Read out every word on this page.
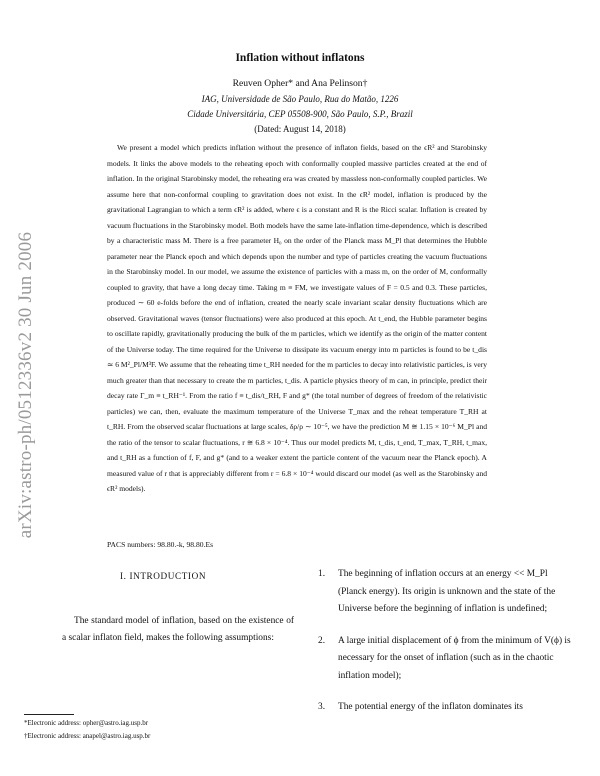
arXiv:astro-ph/0512336v2 30 Jun 2006
Inflation without inflatons
Reuven Opher* and Ana Pelinson†
IAG, Universidade de São Paulo, Rua do Matão, 1226
Cidade Universitária, CEP 05508-900, São Paulo, S.P., Brazil
(Dated: August 14, 2018)

We present a model which predicts inflation without the presence of inflaton fields, based on the ϵR² and Starobinsky models. It links the above models to the reheating epoch with conformally coupled massive particles created at the end of inflation. In the original Starobinsky model, the reheating era was created by massless non-conformally coupled particles. We assume here that non-conformal coupling to gravitation does not exist. In the ϵR² model, inflation is produced by the gravitational Lagrangian to which a term ϵR² is added, where ϵ is a constant and R is the Ricci scalar. Inflation is created by vacuum fluctuations in the Starobinsky model. Both models have the same late-inflation time-dependence, which is described by a characteristic mass M. There is a free parameter H₀ on the order of the Planck mass M_Pl that determines the Hubble parameter near the Planck epoch and which depends upon the number and type of particles creating the vacuum fluctuations in the Starobinsky model. In our model, we assume the existence of particles with a mass m, on the order of M, conformally coupled to gravity, that have a long decay time. Taking m ≡ FM, we investigate values of F = 0.5 and 0.3. These particles, produced ∼ 60 e-folds before the end of inflation, created the nearly scale invariant scalar density fluctuations which are observed. Gravitational waves (tensor fluctuations) were also produced at this epoch. At t_end, the Hubble parameter begins to oscillate rapidly, gravitationally producing the bulk of the m particles, which we identify as the origin of the matter content of the Universe today. The time required for the Universe to dissipate its vacuum energy into m particles is found to be t_dis ≃ 6 M²_Pl/M³F. We assume that the reheating time t_RH needed for the m particles to decay into relativistic particles, is very much greater than that necessary to create the m particles, t_dis. A particle physics theory of m can, in principle, predict their decay rate Γ_m ≡ t_RH⁻¹. From the ratio f ≡ t_dis/t_RH, F and g* (the total number of degrees of freedom of the relativistic particles) we can, then, evaluate the maximum temperature of the Universe T_max and the reheat temperature T_RH at t_RH. From the observed scalar fluctuations at large scales, δρ/ρ ∼ 10⁻⁵, we have the prediction M ≅ 1.15 × 10⁻⁶ M_Pl and the ratio of the tensor to scalar fluctuations, r ≅ 6.8 × 10⁻⁴. Thus our model predicts M, t_dis, t_end, T_max, T_RH, t_max, and t_RH as a function of f, F, and g* (and to a weaker extent the particle content of the vacuum near the Planck epoch). A measured value of r that is appreciably different from r = 6.8 × 10⁻⁴ would discard our model (as well as the Starobinsky and ϵR² models).

PACS numbers: 98.80.-k, 98.80.Es
I. INTRODUCTION

The standard model of inflation, based on the existence of a scalar inflaton field, makes the following assumptions:

*Electronic address: opher@astro.iag.usp.br
†Electronic address: anapel@astro.iag.usp.br
1. The beginning of inflation occurs at an energy << M_Pl (Planck energy). Its origin is unknown and the state of the Universe before the beginning of inflation is undefined;
2. A large initial displacement of ϕ from the minimum of V(ϕ) is necessary for the onset of inflation (such as in the chaotic inflation model);
3. The potential energy of the inflaton dominates its
